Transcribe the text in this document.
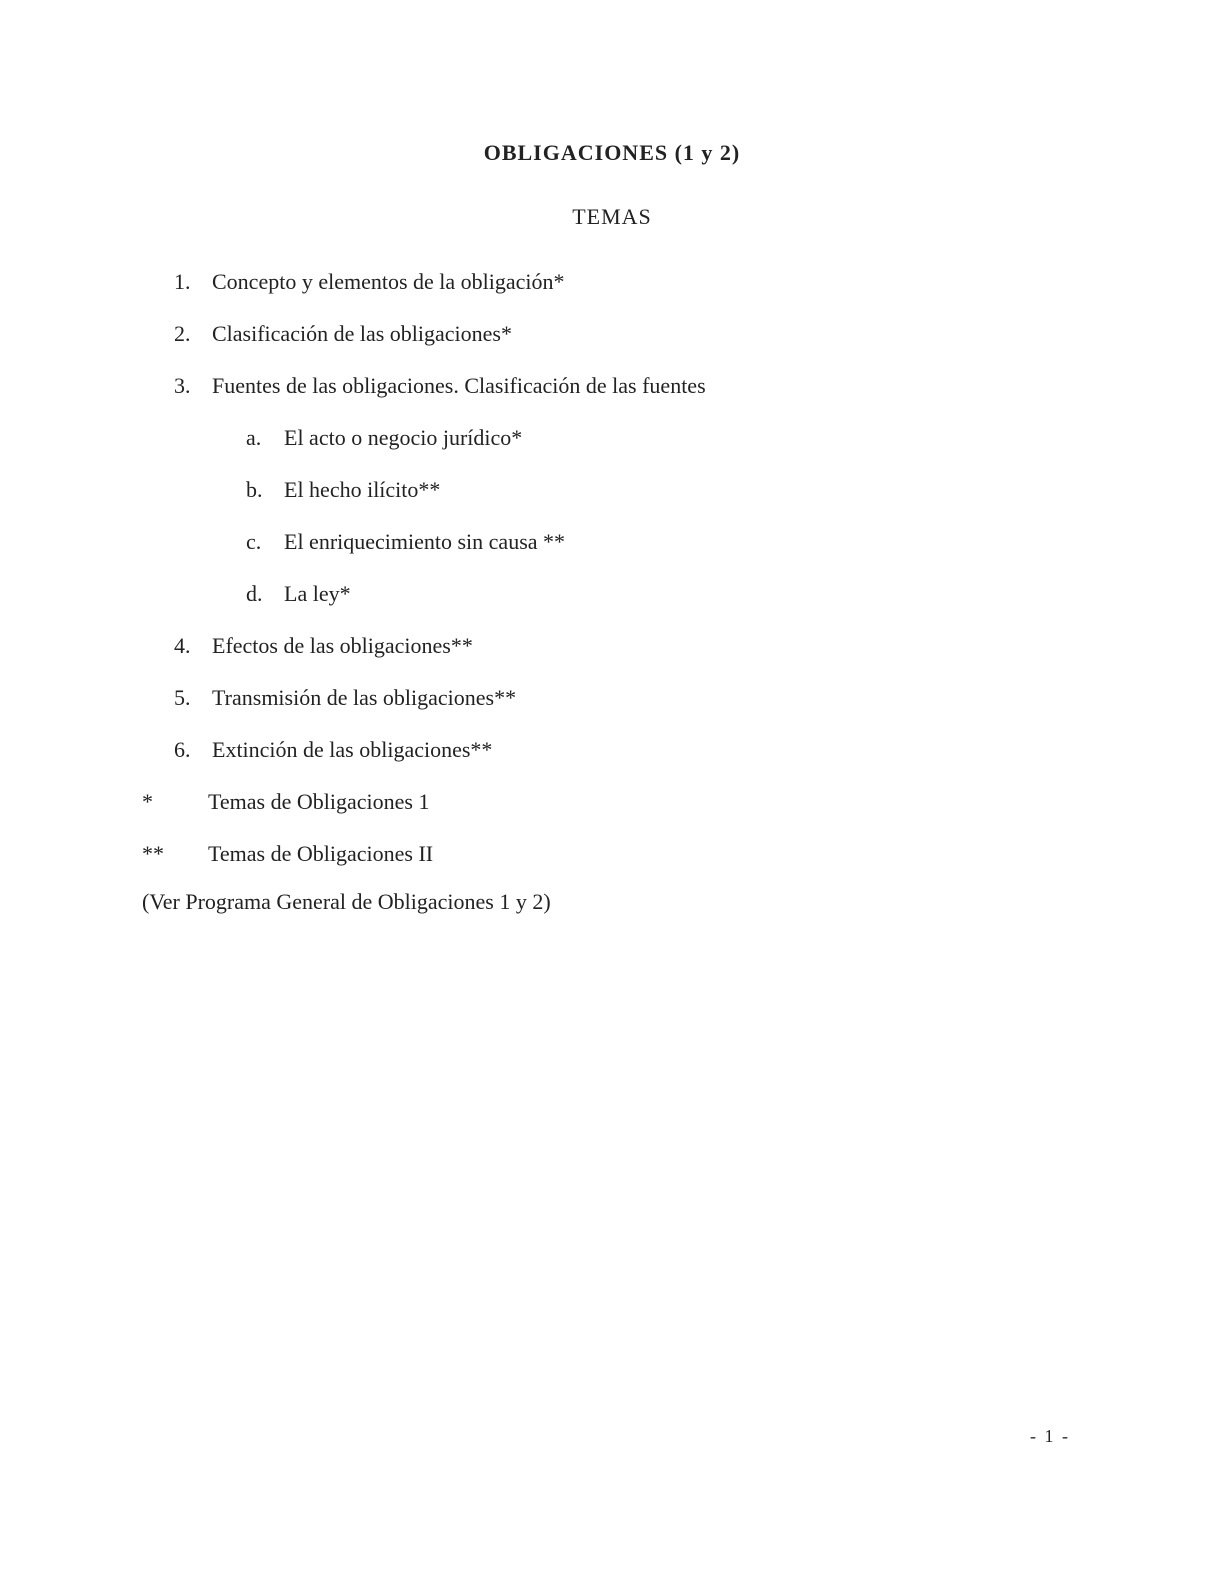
OBLIGACIONES (1 y 2)
TEMAS
1. Concepto y elementos de la obligación*
2. Clasificación de las obligaciones*
3. Fuentes de las obligaciones. Clasificación de las fuentes
a. El acto o negocio jurídico*
b. El hecho ilícito**
c. El enriquecimiento sin causa **
d. La ley*
4. Efectos de las obligaciones**
5. Transmisión de las obligaciones**
6. Extinción de las obligaciones**
*	Temas de Obligaciones 1
** Temas de Obligaciones II
(Ver Programa General de Obligaciones 1 y 2)
- 1 -
